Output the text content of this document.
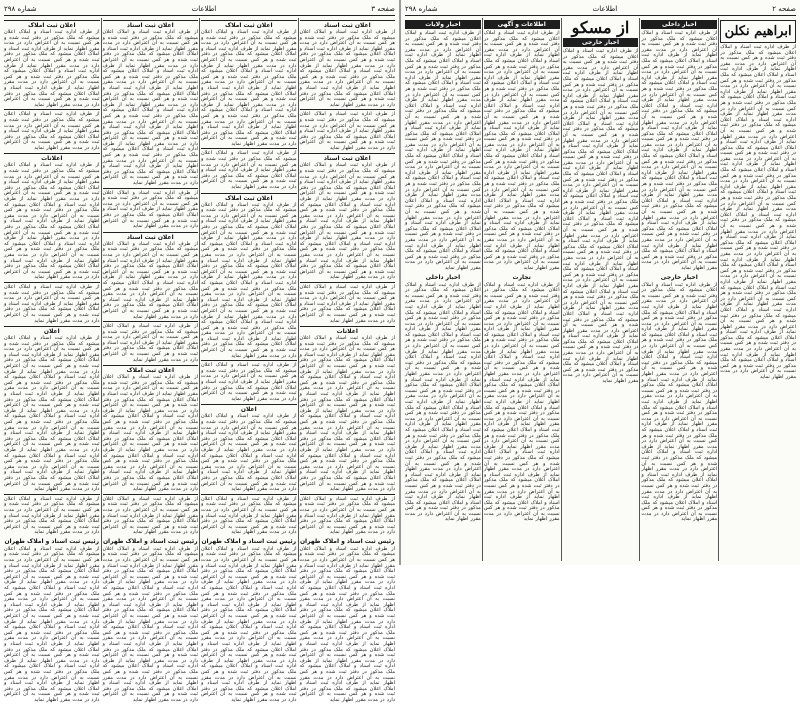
صفحه ۳
اطلاعات
شماره ۲۹۸
اعلان ثبت اسناد
از طرف اداره ثبت اسناد و املاک اعلان میشود که ملک مذکور در دفتر ثبت شده و هر کس نسبت به آن اعتراض دارد در مدت مقرر اظهار نماید از طرف اداره ثبت اسناد و املاک اعلان میشود که ملک مذکور در دفتر ثبت شده و هر کس نسبت به آن اعتراض دارد در مدت مقرر اظهار نماید از طرف اداره ثبت اسناد و املاک اعلان میشود که ملک مذکور در دفتر ثبت شده و هر کس نسبت به آن اعتراض دارد در مدت مقرر اظهار نماید از طرف اداره ثبت اسناد و املاک اعلان میشود که ملک مذکور در دفتر ثبت شده و هر کس نسبت به آن اعتراض دارد در مدت مقرر اظهار نماید
از طرف اداره ثبت اسناد و املاک اعلان میشود که ملک مذکور در دفتر ثبت شده و هر کس نسبت به آن اعتراض دارد در مدت مقرر اظهار نماید از طرف اداره ثبت اسناد و املاک اعلان میشود که ملک مذکور در دفتر ثبت شده و هر کس نسبت به آن اعتراض دارد در مدت مقرر اظهار نماید
اعلان ثبت اسناد
از طرف اداره ثبت اسناد و املاک اعلان میشود که ملک مذکور در دفتر ثبت شده و هر کس نسبت به آن اعتراض دارد در مدت مقرر اظهار نماید از طرف اداره ثبت اسناد و املاک اعلان میشود که ملک مذکور در دفتر ثبت شده و هر کس نسبت به آن اعتراض دارد در مدت مقرر اظهار نماید از طرف اداره ثبت اسناد و املاک اعلان میشود که ملک مذکور در دفتر ثبت شده و هر کس نسبت به آن اعتراض دارد در مدت مقرر اظهار نماید از طرف اداره ثبت اسناد و املاک اعلان میشود که ملک مذکور در دفتر ثبت شده و هر کس نسبت به آن اعتراض دارد در مدت مقرر اظهار نماید از طرف اداره ثبت اسناد و املاک اعلان میشود که ملک مذکور در دفتر ثبت شده و هر کس نسبت به آن اعتراض دارد در مدت مقرر اظهار نماید از طرف اداره ثبت اسناد و املاک اعلان میشود که ملک مذکور در دفتر ثبت شده و هر کس نسبت به آن اعتراض دارد در مدت مقرر اظهار نماید
از طرف اداره ثبت اسناد و املاک اعلان میشود که ملک مذکور در دفتر ثبت شده و هر کس نسبت به آن اعتراض دارد در مدت مقرر اظهار نماید از طرف اداره ثبت اسناد و املاک اعلان میشود که ملک مذکور در دفتر ثبت شده و هر کس نسبت به آن اعتراض دارد در مدت مقرر اظهار نماید
اعلانات
از طرف اداره ثبت اسناد و املاک اعلان میشود که ملک مذکور در دفتر ثبت شده و هر کس نسبت به آن اعتراض دارد در مدت مقرر اظهار نماید از طرف اداره ثبت اسناد و املاک اعلان میشود که ملک مذکور در دفتر ثبت شده و هر کس نسبت به آن اعتراض دارد در مدت مقرر اظهار نماید از طرف اداره ثبت اسناد و املاک اعلان میشود که ملک مذکور در دفتر ثبت شده و هر کس نسبت به آن اعتراض دارد در مدت مقرر اظهار نماید از طرف اداره ثبت اسناد و املاک اعلان میشود که ملک مذکور در دفتر ثبت شده و هر کس نسبت به آن اعتراض دارد در مدت مقرر اظهار نماید از طرف اداره ثبت اسناد و املاک اعلان میشود که ملک مذکور در دفتر ثبت شده و هر کس نسبت به آن اعتراض دارد در مدت مقرر اظهار نماید از طرف اداره ثبت اسناد و املاک اعلان میشود که ملک مذکور در دفتر ثبت شده و هر کس نسبت به آن اعتراض دارد در مدت مقرر اظهار نماید از طرف اداره ثبت اسناد و املاک اعلان میشود که ملک مذکور در دفتر ثبت شده و هر کس نسبت به آن اعتراض دارد در مدت مقرر اظهار نماید از طرف اداره ثبت اسناد و املاک اعلان میشود که ملک مذکور در دفتر ثبت شده و هر کس نسبت به آن اعتراض دارد در مدت مقرر اظهار نماید
از طرف اداره ثبت اسناد و املاک اعلان میشود که ملک مذکور در دفتر ثبت شده و هر کس نسبت به آن اعتراض دارد در مدت مقرر اظهار نماید از طرف اداره ثبت اسناد و املاک اعلان میشود که ملک مذکور در دفتر ثبت شده و هر کس نسبت به آن اعتراض دارد در مدت مقرر اظهار نماید
رئیس ثبت اسناد و املاک طهران
از طرف اداره ثبت اسناد و املاک اعلان میشود که ملک مذکور در دفتر ثبت شده و هر کس نسبت به آن اعتراض دارد در مدت مقرر اظهار نماید از طرف اداره ثبت اسناد و املاک اعلان میشود که ملک مذکور در دفتر ثبت شده و هر کس نسبت به آن اعتراض دارد در مدت مقرر اظهار نماید از طرف اداره ثبت اسناد و املاک اعلان میشود که ملک مذکور در دفتر ثبت شده و هر کس نسبت به آن اعتراض دارد در مدت مقرر اظهار نماید از طرف اداره ثبت اسناد و املاک اعلان میشود که ملک مذکور در دفتر ثبت شده و هر کس نسبت به آن اعتراض دارد در مدت مقرر اظهار نماید از طرف اداره ثبت اسناد و املاک اعلان میشود که ملک مذکور در دفتر ثبت شده و هر کس نسبت به آن اعتراض دارد در مدت مقرر اظهار نماید از طرف اداره ثبت اسناد و املاک اعلان میشود که ملک مذکور در دفتر ثبت شده و هر کس نسبت به آن اعتراض دارد در مدت مقرر اظهار نماید از طرف اداره ثبت اسناد و املاک اعلان میشود که ملک مذکور در دفتر ثبت شده و هر کس نسبت به آن اعتراض دارد در مدت مقرر اظهار نماید از طرف اداره ثبت اسناد و املاک اعلان میشود که ملک مذکور در دفتر ثبت شده و هر کس نسبت به آن اعتراض دارد در مدت مقرر اظهار نماید
اعلان ثبت املاک
از طرف اداره ثبت اسناد و املاک اعلان میشود که ملک مذکور در دفتر ثبت شده و هر کس نسبت به آن اعتراض دارد در مدت مقرر اظهار نماید از طرف اداره ثبت اسناد و املاک اعلان میشود که ملک مذکور در دفتر ثبت شده و هر کس نسبت به آن اعتراض دارد در مدت مقرر اظهار نماید از طرف اداره ثبت اسناد و املاک اعلان میشود که ملک مذکور در دفتر ثبت شده و هر کس نسبت به آن اعتراض دارد در مدت مقرر اظهار نماید از طرف اداره ثبت اسناد و املاک اعلان میشود که ملک مذکور در دفتر ثبت شده و هر کس نسبت به آن اعتراض دارد در مدت مقرر اظهار نماید از طرف اداره ثبت اسناد و املاک اعلان میشود که ملک مذکور در دفتر ثبت شده و هر کس نسبت به آن اعتراض دارد در مدت مقرر اظهار نماید از طرف اداره ثبت اسناد و املاک اعلان میشود که ملک مذکور در دفتر ثبت شده و هر کس نسبت به آن اعتراض دارد در مدت مقرر اظهار نماید
از طرف اداره ثبت اسناد و املاک اعلان میشود که ملک مذکور در دفتر ثبت شده و هر کس نسبت به آن اعتراض دارد در مدت مقرر اظهار نماید از طرف اداره ثبت اسناد و املاک اعلان میشود که ملک مذکور در دفتر ثبت شده و هر کس نسبت به آن اعتراض دارد در مدت مقرر اظهار نماید
اعلان ثبت املاک
از طرف اداره ثبت اسناد و املاک اعلان میشود که ملک مذکور در دفتر ثبت شده و هر کس نسبت به آن اعتراض دارد در مدت مقرر اظهار نماید از طرف اداره ثبت اسناد و املاک اعلان میشود که ملک مذکور در دفتر ثبت شده و هر کس نسبت به آن اعتراض دارد در مدت مقرر اظهار نماید از طرف اداره ثبت اسناد و املاک اعلان میشود که ملک مذکور در دفتر ثبت شده و هر کس نسبت به آن اعتراض دارد در مدت مقرر اظهار نماید از طرف اداره ثبت اسناد و املاک اعلان میشود که ملک مذکور در دفتر ثبت شده و هر کس نسبت به آن اعتراض دارد در مدت مقرر اظهار نماید از طرف اداره ثبت اسناد و املاک اعلان میشود که ملک مذکور در دفتر ثبت شده و هر کس نسبت به آن اعتراض دارد در مدت مقرر اظهار نماید از طرف اداره ثبت اسناد و املاک اعلان میشود که ملک مذکور در دفتر ثبت شده و هر کس نسبت به آن اعتراض دارد در مدت مقرر اظهار نماید از طرف اداره ثبت اسناد و املاک اعلان میشود که ملک مذکور در دفتر ثبت شده و هر کس نسبت به آن اعتراض دارد در مدت مقرر اظهار نماید از طرف اداره ثبت اسناد و املاک اعلان میشود که ملک مذکور در دفتر ثبت شده و هر کس نسبت به آن اعتراض دارد در مدت مقرر اظهار نماید
از طرف اداره ثبت اسناد و املاک اعلان میشود که ملک مذکور در دفتر ثبت شده و هر کس نسبت به آن اعتراض دارد در مدت مقرر اظهار نماید از طرف اداره ثبت اسناد و املاک اعلان میشود که ملک مذکور در دفتر ثبت شده و هر کس نسبت به آن اعتراض دارد در مدت مقرر اظهار نماید
اعلان
از طرف اداره ثبت اسناد و املاک اعلان میشود که ملک مذکور در دفتر ثبت شده و هر کس نسبت به آن اعتراض دارد در مدت مقرر اظهار نماید از طرف اداره ثبت اسناد و املاک اعلان میشود که ملک مذکور در دفتر ثبت شده و هر کس نسبت به آن اعتراض دارد در مدت مقرر اظهار نماید از طرف اداره ثبت اسناد و املاک اعلان میشود که ملک مذکور در دفتر ثبت شده و هر کس نسبت به آن اعتراض دارد در مدت مقرر اظهار نماید از طرف اداره ثبت اسناد و املاک اعلان میشود که ملک مذکور در دفتر ثبت شده و هر کس نسبت به آن اعتراض دارد در مدت مقرر اظهار نماید
از طرف اداره ثبت اسناد و املاک اعلان میشود که ملک مذکور در دفتر ثبت شده و هر کس نسبت به آن اعتراض دارد در مدت مقرر اظهار نماید از طرف اداره ثبت اسناد و املاک اعلان میشود که ملک مذکور در دفتر ثبت شده و هر کس نسبت به آن اعتراض دارد در مدت مقرر اظهار نماید
رئیس ثبت اسناد و املاک طهران
از طرف اداره ثبت اسناد و املاک اعلان میشود که ملک مذکور در دفتر ثبت شده و هر کس نسبت به آن اعتراض دارد در مدت مقرر اظهار نماید از طرف اداره ثبت اسناد و املاک اعلان میشود که ملک مذکور در دفتر ثبت شده و هر کس نسبت به آن اعتراض دارد در مدت مقرر اظهار نماید از طرف اداره ثبت اسناد و املاک اعلان میشود که ملک مذکور در دفتر ثبت شده و هر کس نسبت به آن اعتراض دارد در مدت مقرر اظهار نماید از طرف اداره ثبت اسناد و املاک اعلان میشود که ملک مذکور در دفتر ثبت شده و هر کس نسبت به آن اعتراض دارد در مدت مقرر اظهار نماید از طرف اداره ثبت اسناد و املاک اعلان میشود که ملک مذکور در دفتر ثبت شده و هر کس نسبت به آن اعتراض دارد در مدت مقرر اظهار نماید از طرف اداره ثبت اسناد و املاک اعلان میشود که ملک مذکور در دفتر ثبت شده و هر کس نسبت به آن اعتراض دارد در مدت مقرر اظهار نماید از طرف اداره ثبت اسناد و املاک اعلان میشود که ملک مذکور در دفتر ثبت شده و هر کس نسبت به آن اعتراض دارد در مدت مقرر اظهار نماید از طرف اداره ثبت اسناد و املاک اعلان میشود که ملک مذکور در دفتر ثبت شده و هر کس نسبت به آن اعتراض دارد در مدت مقرر اظهار نماید
اعلان ثبت اسناد
از طرف اداره ثبت اسناد و املاک اعلان میشود که ملک مذکور در دفتر ثبت شده و هر کس نسبت به آن اعتراض دارد در مدت مقرر اظهار نماید از طرف اداره ثبت اسناد و املاک اعلان میشود که ملک مذکور در دفتر ثبت شده و هر کس نسبت به آن اعتراض دارد در مدت مقرر اظهار نماید از طرف اداره ثبت اسناد و املاک اعلان میشود که ملک مذکور در دفتر ثبت شده و هر کس نسبت به آن اعتراض دارد در مدت مقرر اظهار نماید از طرف اداره ثبت اسناد و املاک اعلان میشود که ملک مذکور در دفتر ثبت شده و هر کس نسبت به آن اعتراض دارد در مدت مقرر اظهار نماید از طرف اداره ثبت اسناد و املاک اعلان میشود که ملک مذکور در دفتر ثبت شده و هر کس نسبت به آن اعتراض دارد در مدت مقرر اظهار نماید از طرف اداره ثبت اسناد و املاک اعلان میشود که ملک مذکور در دفتر ثبت شده و هر کس نسبت به آن اعتراض دارد در مدت مقرر اظهار نماید از طرف اداره ثبت اسناد و املاک اعلان میشود که ملک مذکور در دفتر ثبت شده و هر کس نسبت به آن اعتراض دارد در مدت مقرر اظهار نماید از طرف اداره ثبت اسناد و املاک اعلان میشود که ملک مذکور در دفتر ثبت شده و هر کس نسبت به آن اعتراض دارد در مدت مقرر اظهار نماید
از طرف اداره ثبت اسناد و املاک اعلان میشود که ملک مذکور در دفتر ثبت شده و هر کس نسبت به آن اعتراض دارد در مدت مقرر اظهار نماید از طرف اداره ثبت اسناد و املاک اعلان میشود که ملک مذکور در دفتر ثبت شده و هر کس نسبت به آن اعتراض دارد در مدت مقرر اظهار نماید
اعلان ثبت اسناد
از طرف اداره ثبت اسناد و املاک اعلان میشود که ملک مذکور در دفتر ثبت شده و هر کس نسبت به آن اعتراض دارد در مدت مقرر اظهار نماید از طرف اداره ثبت اسناد و املاک اعلان میشود که ملک مذکور در دفتر ثبت شده و هر کس نسبت به آن اعتراض دارد در مدت مقرر اظهار نماید از طرف اداره ثبت اسناد و املاک اعلان میشود که ملک مذکور در دفتر ثبت شده و هر کس نسبت به آن اعتراض دارد در مدت مقرر اظهار نماید از طرف اداره ثبت اسناد و املاک اعلان میشود که ملک مذکور در دفتر ثبت شده و هر کس نسبت به آن اعتراض دارد در مدت مقرر اظهار نماید
از طرف اداره ثبت اسناد و املاک اعلان میشود که ملک مذکور در دفتر ثبت شده و هر کس نسبت به آن اعتراض دارد در مدت مقرر اظهار نماید از طرف اداره ثبت اسناد و املاک اعلان میشود که ملک مذکور در دفتر ثبت شده و هر کس نسبت به آن اعتراض دارد در مدت مقرر اظهار نماید
اعلان ثبت املاک
از طرف اداره ثبت اسناد و املاک اعلان میشود که ملک مذکور در دفتر ثبت شده و هر کس نسبت به آن اعتراض دارد در مدت مقرر اظهار نماید از طرف اداره ثبت اسناد و املاک اعلان میشود که ملک مذکور در دفتر ثبت شده و هر کس نسبت به آن اعتراض دارد در مدت مقرر اظهار نماید از طرف اداره ثبت اسناد و املاک اعلان میشود که ملک مذکور در دفتر ثبت شده و هر کس نسبت به آن اعتراض دارد در مدت مقرر اظهار نماید از طرف اداره ثبت اسناد و املاک اعلان میشود که ملک مذکور در دفتر ثبت شده و هر کس نسبت به آن اعتراض دارد در مدت مقرر اظهار نماید از طرف اداره ثبت اسناد و املاک اعلان میشود که ملک مذکور در دفتر ثبت شده و هر کس نسبت به آن اعتراض دارد در مدت مقرر اظهار نماید از طرف اداره ثبت اسناد و املاک اعلان میشود که ملک مذکور در دفتر ثبت شده و هر کس نسبت به آن اعتراض دارد در مدت مقرر اظهار نماید
از طرف اداره ثبت اسناد و املاک اعلان میشود که ملک مذکور در دفتر ثبت شده و هر کس نسبت به آن اعتراض دارد در مدت مقرر اظهار نماید از طرف اداره ثبت اسناد و املاک اعلان میشود که ملک مذکور در دفتر ثبت شده و هر کس نسبت به آن اعتراض دارد در مدت مقرر اظهار نماید
رئیس ثبت اسناد و املاک طهران
از طرف اداره ثبت اسناد و املاک اعلان میشود که ملک مذکور در دفتر ثبت شده و هر کس نسبت به آن اعتراض دارد در مدت مقرر اظهار نماید از طرف اداره ثبت اسناد و املاک اعلان میشود که ملک مذکور در دفتر ثبت شده و هر کس نسبت به آن اعتراض دارد در مدت مقرر اظهار نماید از طرف اداره ثبت اسناد و املاک اعلان میشود که ملک مذکور در دفتر ثبت شده و هر کس نسبت به آن اعتراض دارد در مدت مقرر اظهار نماید از طرف اداره ثبت اسناد و املاک اعلان میشود که ملک مذکور در دفتر ثبت شده و هر کس نسبت به آن اعتراض دارد در مدت مقرر اظهار نماید از طرف اداره ثبت اسناد و املاک اعلان میشود که ملک مذکور در دفتر ثبت شده و هر کس نسبت به آن اعتراض دارد در مدت مقرر اظهار نماید از طرف اداره ثبت اسناد و املاک اعلان میشود که ملک مذکور در دفتر ثبت شده و هر کس نسبت به آن اعتراض دارد در مدت مقرر اظهار نماید از طرف اداره ثبت اسناد و املاک اعلان میشود که ملک مذکور در دفتر ثبت شده و هر کس نسبت به آن اعتراض دارد در مدت مقرر اظهار نماید از طرف اداره ثبت اسناد و املاک اعلان میشود که ملک مذکور در دفتر ثبت شده و هر کس نسبت به آن اعتراض دارد در مدت مقرر اظهار نماید
اعلان ثبت املاک
از طرف اداره ثبت اسناد و املاک اعلان میشود که ملک مذکور در دفتر ثبت شده و هر کس نسبت به آن اعتراض دارد در مدت مقرر اظهار نماید از طرف اداره ثبت اسناد و املاک اعلان میشود که ملک مذکور در دفتر ثبت شده و هر کس نسبت به آن اعتراض دارد در مدت مقرر اظهار نماید از طرف اداره ثبت اسناد و املاک اعلان میشود که ملک مذکور در دفتر ثبت شده و هر کس نسبت به آن اعتراض دارد در مدت مقرر اظهار نماید از طرف اداره ثبت اسناد و املاک اعلان میشود که ملک مذکور در دفتر ثبت شده و هر کس نسبت به آن اعتراض دارد در مدت مقرر اظهار نماید
از طرف اداره ثبت اسناد و املاک اعلان میشود که ملک مذکور در دفتر ثبت شده و هر کس نسبت به آن اعتراض دارد در مدت مقرر اظهار نماید از طرف اداره ثبت اسناد و املاک اعلان میشود که ملک مذکور در دفتر ثبت شده و هر کس نسبت به آن اعتراض دارد در مدت مقرر اظهار نماید
اعلانات
از طرف اداره ثبت اسناد و املاک اعلان میشود که ملک مذکور در دفتر ثبت شده و هر کس نسبت به آن اعتراض دارد در مدت مقرر اظهار نماید از طرف اداره ثبت اسناد و املاک اعلان میشود که ملک مذکور در دفتر ثبت شده و هر کس نسبت به آن اعتراض دارد در مدت مقرر اظهار نماید از طرف اداره ثبت اسناد و املاک اعلان میشود که ملک مذکور در دفتر ثبت شده و هر کس نسبت به آن اعتراض دارد در مدت مقرر اظهار نماید از طرف اداره ثبت اسناد و املاک اعلان میشود که ملک مذکور در دفتر ثبت شده و هر کس نسبت به آن اعتراض دارد در مدت مقرر اظهار نماید از طرف اداره ثبت اسناد و املاک اعلان میشود که ملک مذکور در دفتر ثبت شده و هر کس نسبت به آن اعتراض دارد در مدت مقرر اظهار نماید از طرف اداره ثبت اسناد و املاک اعلان میشود که ملک مذکور در دفتر ثبت شده و هر کس نسبت به آن اعتراض دارد در مدت مقرر اظهار نماید
از طرف اداره ثبت اسناد و املاک اعلان میشود که ملک مذکور در دفتر ثبت شده و هر کس نسبت به آن اعتراض دارد در مدت مقرر اظهار نماید از طرف اداره ثبت اسناد و املاک اعلان میشود که ملک مذکور در دفتر ثبت شده و هر کس نسبت به آن اعتراض دارد در مدت مقرر اظهار نماید
اعلان
از طرف اداره ثبت اسناد و املاک اعلان میشود که ملک مذکور در دفتر ثبت شده و هر کس نسبت به آن اعتراض دارد در مدت مقرر اظهار نماید از طرف اداره ثبت اسناد و املاک اعلان میشود که ملک مذکور در دفتر ثبت شده و هر کس نسبت به آن اعتراض دارد در مدت مقرر اظهار نماید از طرف اداره ثبت اسناد و املاک اعلان میشود که ملک مذکور در دفتر ثبت شده و هر کس نسبت به آن اعتراض دارد در مدت مقرر اظهار نماید از طرف اداره ثبت اسناد و املاک اعلان میشود که ملک مذکور در دفتر ثبت شده و هر کس نسبت به آن اعتراض دارد در مدت مقرر اظهار نماید از طرف اداره ثبت اسناد و املاک اعلان میشود که ملک مذکور در دفتر ثبت شده و هر کس نسبت به آن اعتراض دارد در مدت مقرر اظهار نماید از طرف اداره ثبت اسناد و املاک اعلان میشود که ملک مذکور در دفتر ثبت شده و هر کس نسبت به آن اعتراض دارد در مدت مقرر اظهار نماید از طرف اداره ثبت اسناد و املاک اعلان میشود که ملک مذکور در دفتر ثبت شده و هر کس نسبت به آن اعتراض دارد در مدت مقرر اظهار نماید از طرف اداره ثبت اسناد و املاک اعلان میشود که ملک مذکور در دفتر ثبت شده و هر کس نسبت به آن اعتراض دارد در مدت مقرر اظهار نماید
از طرف اداره ثبت اسناد و املاک اعلان میشود که ملک مذکور در دفتر ثبت شده و هر کس نسبت به آن اعتراض دارد در مدت مقرر اظهار نماید از طرف اداره ثبت اسناد و املاک اعلان میشود که ملک مذکور در دفتر ثبت شده و هر کس نسبت به آن اعتراض دارد در مدت مقرر اظهار نماید
رئیس ثبت اسناد و املاک طهران
از طرف اداره ثبت اسناد و املاک اعلان میشود که ملک مذکور در دفتر ثبت شده و هر کس نسبت به آن اعتراض دارد در مدت مقرر اظهار نماید از طرف اداره ثبت اسناد و املاک اعلان میشود که ملک مذکور در دفتر ثبت شده و هر کس نسبت به آن اعتراض دارد در مدت مقرر اظهار نماید از طرف اداره ثبت اسناد و املاک اعلان میشود که ملک مذکور در دفتر ثبت شده و هر کس نسبت به آن اعتراض دارد در مدت مقرر اظهار نماید از طرف اداره ثبت اسناد و املاک اعلان میشود که ملک مذکور در دفتر ثبت شده و هر کس نسبت به آن اعتراض دارد در مدت مقرر اظهار نماید از طرف اداره ثبت اسناد و املاک اعلان میشود که ملک مذکور در دفتر ثبت شده و هر کس نسبت به آن اعتراض دارد در مدت مقرر اظهار نماید از طرف اداره ثبت اسناد و املاک اعلان میشود که ملک مذکور در دفتر ثبت شده و هر کس نسبت به آن اعتراض دارد در مدت مقرر اظهار نماید از طرف اداره ثبت اسناد و املاک اعلان میشود که ملک مذکور در دفتر ثبت شده و هر کس نسبت به آن اعتراض دارد در مدت مقرر اظهار نماید از طرف اداره ثبت اسناد و املاک اعلان میشود که ملک مذکور در دفتر ثبت شده و هر کس نسبت به آن اعتراض دارد در مدت مقرر اظهار نماید
صفحه ۲
اطلاعات
شماره ۲۹۸
ابراهیم نکلن
از طرف اداره ثبت اسناد و املاک اعلان میشود که ملک مذکور در دفتر ثبت شده و هر کس نسبت به آن اعتراض دارد در مدت مقرر اظهار نماید از طرف اداره ثبت اسناد و املاک اعلان میشود که ملک مذکور در دفتر ثبت شده و هر کس نسبت به آن اعتراض دارد در مدت مقرر اظهار نماید از طرف اداره ثبت اسناد و املاک اعلان میشود که ملک مذکور در دفتر ثبت شده و هر کس نسبت به آن اعتراض دارد در مدت مقرر اظهار نماید از طرف اداره ثبت اسناد و املاک اعلان میشود که ملک مذکور در دفتر ثبت شده و هر کس نسبت به آن اعتراض دارد در مدت مقرر اظهار نماید از طرف اداره ثبت اسناد و املاک اعلان میشود که ملک مذکور در دفتر ثبت شده و هر کس نسبت به آن اعتراض دارد در مدت مقرر اظهار نماید از طرف اداره ثبت اسناد و املاک اعلان میشود که ملک مذکور در دفتر ثبت شده و هر کس نسبت به آن اعتراض دارد در مدت مقرر اظهار نماید از طرف اداره ثبت اسناد و املاک اعلان میشود که ملک مذکور در دفتر ثبت شده و هر کس نسبت به آن اعتراض دارد در مدت مقرر اظهار نماید از طرف اداره ثبت اسناد و املاک اعلان میشود که ملک مذکور در دفتر ثبت شده و هر کس نسبت به آن اعتراض دارد در مدت مقرر اظهار نماید از طرف اداره ثبت اسناد و املاک اعلان میشود که ملک مذکور در دفتر ثبت شده و هر کس نسبت به آن اعتراض دارد در مدت مقرر اظهار نماید از طرف اداره ثبت اسناد و املاک اعلان میشود که ملک مذکور در دفتر ثبت شده و هر کس نسبت به آن اعتراض دارد در مدت مقرر اظهار نماید از طرف اداره ثبت اسناد و املاک اعلان میشود که ملک مذکور در دفتر ثبت شده و هر کس نسبت به آن اعتراض دارد در مدت مقرر اظهار نماید از طرف اداره ثبت اسناد و املاک اعلان میشود که ملک مذکور در دفتر ثبت شده و هر کس نسبت به آن اعتراض دارد در مدت مقرر اظهار نماید از طرف اداره ثبت اسناد و املاک اعلان میشود که ملک مذکور در دفتر ثبت شده و هر کس نسبت به آن اعتراض دارد در مدت مقرر اظهار نماید از طرف اداره ثبت اسناد و املاک اعلان میشود که ملک مذکور در دفتر ثبت شده و هر کس نسبت به آن اعتراض دارد در مدت مقرر اظهار نماید
اخبار داخلی
از طرف اداره ثبت اسناد و املاک اعلان میشود که ملک مذکور در دفتر ثبت شده و هر کس نسبت به آن اعتراض دارد در مدت مقرر اظهار نماید از طرف اداره ثبت اسناد و املاک اعلان میشود که ملک مذکور در دفتر ثبت شده و هر کس نسبت به آن اعتراض دارد در مدت مقرر اظهار نماید از طرف اداره ثبت اسناد و املاک اعلان میشود که ملک مذکور در دفتر ثبت شده و هر کس نسبت به آن اعتراض دارد در مدت مقرر اظهار نماید از طرف اداره ثبت اسناد و املاک اعلان میشود که ملک مذکور در دفتر ثبت شده و هر کس نسبت به آن اعتراض دارد در مدت مقرر اظهار نماید از طرف اداره ثبت اسناد و املاک اعلان میشود که ملک مذکور در دفتر ثبت شده و هر کس نسبت به آن اعتراض دارد در مدت مقرر اظهار نماید از طرف اداره ثبت اسناد و املاک اعلان میشود که ملک مذکور در دفتر ثبت شده و هر کس نسبت به آن اعتراض دارد در مدت مقرر اظهار نماید از طرف اداره ثبت اسناد و املاک اعلان میشود که ملک مذکور در دفتر ثبت شده و هر کس نسبت به آن اعتراض دارد در مدت مقرر اظهار نماید از طرف اداره ثبت اسناد و املاک اعلان میشود که ملک مذکور در دفتر ثبت شده و هر کس نسبت به آن اعتراض دارد در مدت مقرر اظهار نماید از طرف اداره ثبت اسناد و املاک اعلان میشود که ملک مذکور در دفتر ثبت شده و هر کس نسبت به آن اعتراض دارد در مدت مقرر اظهار نماید از طرف اداره ثبت اسناد و املاک اعلان میشود که ملک مذکور در دفتر ثبت شده و هر کس نسبت به آن اعتراض دارد در مدت مقرر اظهار نماید
اخبار خارجی
از طرف اداره ثبت اسناد و املاک اعلان میشود که ملک مذکور در دفتر ثبت شده و هر کس نسبت به آن اعتراض دارد در مدت مقرر اظهار نماید از طرف اداره ثبت اسناد و املاک اعلان میشود که ملک مذکور در دفتر ثبت شده و هر کس نسبت به آن اعتراض دارد در مدت مقرر اظهار نماید از طرف اداره ثبت اسناد و املاک اعلان میشود که ملک مذکور در دفتر ثبت شده و هر کس نسبت به آن اعتراض دارد در مدت مقرر اظهار نماید از طرف اداره ثبت اسناد و املاک اعلان میشود که ملک مذکور در دفتر ثبت شده و هر کس نسبت به آن اعتراض دارد در مدت مقرر اظهار نماید از طرف اداره ثبت اسناد و املاک اعلان میشود که ملک مذکور در دفتر ثبت شده و هر کس نسبت به آن اعتراض دارد در مدت مقرر اظهار نماید از طرف اداره ثبت اسناد و املاک اعلان میشود که ملک مذکور در دفتر ثبت شده و هر کس نسبت به آن اعتراض دارد در مدت مقرر اظهار نماید از طرف اداره ثبت اسناد و املاک اعلان میشود که ملک مذکور در دفتر ثبت شده و هر کس نسبت به آن اعتراض دارد در مدت مقرر اظهار نماید از طرف اداره ثبت اسناد و املاک اعلان میشود که ملک مذکور در دفتر ثبت شده و هر کس نسبت به آن اعتراض دارد در مدت مقرر اظهار نماید از طرف اداره ثبت اسناد و املاک اعلان میشود که ملک مذکور در دفتر ثبت شده و هر کس نسبت به آن اعتراض دارد در مدت مقرر اظهار نماید از طرف اداره ثبت اسناد و املاک اعلان میشود که ملک مذکور در دفتر ثبت شده و هر کس نسبت به آن اعتراض دارد در مدت مقرر اظهار نماید
از مسکو
اخبار خارجی
از طرف اداره ثبت اسناد و املاک اعلان میشود که ملک مذکور در دفتر ثبت شده و هر کس نسبت به آن اعتراض دارد در مدت مقرر اظهار نماید از طرف اداره ثبت اسناد و املاک اعلان میشود که ملک مذکور در دفتر ثبت شده و هر کس نسبت به آن اعتراض دارد در مدت مقرر اظهار نماید از طرف اداره ثبت اسناد و املاک اعلان میشود که ملک مذکور در دفتر ثبت شده و هر کس نسبت به آن اعتراض دارد در مدت مقرر اظهار نماید از طرف اداره ثبت اسناد و املاک اعلان میشود که ملک مذکور در دفتر ثبت شده و هر کس نسبت به آن اعتراض دارد در مدت مقرر اظهار نماید از طرف اداره ثبت اسناد و املاک اعلان میشود که ملک مذکور در دفتر ثبت شده و هر کس نسبت به آن اعتراض دارد در مدت مقرر اظهار نماید از طرف اداره ثبت اسناد و املاک اعلان میشود که ملک مذکور در دفتر ثبت شده و هر کس نسبت به آن اعتراض دارد در مدت مقرر اظهار نماید از طرف اداره ثبت اسناد و املاک اعلان میشود که ملک مذکور در دفتر ثبت شده و هر کس نسبت به آن اعتراض دارد در مدت مقرر اظهار نماید از طرف اداره ثبت اسناد و املاک اعلان میشود که ملک مذکور در دفتر ثبت شده و هر کس نسبت به آن اعتراض دارد در مدت مقرر اظهار نماید از طرف اداره ثبت اسناد و املاک اعلان میشود که ملک مذکور در دفتر ثبت شده و هر کس نسبت به آن اعتراض دارد در مدت مقرر اظهار نماید از طرف اداره ثبت اسناد و املاک اعلان میشود که ملک مذکور در دفتر ثبت شده و هر کس نسبت به آن اعتراض دارد در مدت مقرر اظهار نماید از طرف اداره ثبت اسناد و املاک اعلان میشود که ملک مذکور در دفتر ثبت شده و هر کس نسبت به آن اعتراض دارد در مدت مقرر اظهار نماید از طرف اداره ثبت اسناد و املاک اعلان میشود که ملک مذکور در دفتر ثبت شده و هر کس نسبت به آن اعتراض دارد در مدت مقرر اظهار نماید از طرف اداره ثبت اسناد و املاک اعلان میشود که ملک مذکور در دفتر ثبت شده و هر کس نسبت به آن اعتراض دارد در مدت مقرر اظهار نماید از طرف اداره ثبت اسناد و املاک اعلان میشود که ملک مذکور در دفتر ثبت شده و هر کس نسبت به آن اعتراض دارد در مدت مقرر اظهار نماید
اطلاعات و آگهی
از طرف اداره ثبت اسناد و املاک اعلان میشود که ملک مذکور در دفتر ثبت شده و هر کس نسبت به آن اعتراض دارد در مدت مقرر اظهار نماید از طرف اداره ثبت اسناد و املاک اعلان میشود که ملک مذکور در دفتر ثبت شده و هر کس نسبت به آن اعتراض دارد در مدت مقرر اظهار نماید از طرف اداره ثبت اسناد و املاک اعلان میشود که ملک مذکور در دفتر ثبت شده و هر کس نسبت به آن اعتراض دارد در مدت مقرر اظهار نماید از طرف اداره ثبت اسناد و املاک اعلان میشود که ملک مذکور در دفتر ثبت شده و هر کس نسبت به آن اعتراض دارد در مدت مقرر اظهار نماید از طرف اداره ثبت اسناد و املاک اعلان میشود که ملک مذکور در دفتر ثبت شده و هر کس نسبت به آن اعتراض دارد در مدت مقرر اظهار نماید از طرف اداره ثبت اسناد و املاک اعلان میشود که ملک مذکور در دفتر ثبت شده و هر کس نسبت به آن اعتراض دارد در مدت مقرر اظهار نماید از طرف اداره ثبت اسناد و املاک اعلان میشود که ملک مذکور در دفتر ثبت شده و هر کس نسبت به آن اعتراض دارد در مدت مقرر اظهار نماید از طرف اداره ثبت اسناد و املاک اعلان میشود که ملک مذکور در دفتر ثبت شده و هر کس نسبت به آن اعتراض دارد در مدت مقرر اظهار نماید از طرف اداره ثبت اسناد و املاک اعلان میشود که ملک مذکور در دفتر ثبت شده و هر کس نسبت به آن اعتراض دارد در مدت مقرر اظهار نماید از طرف اداره ثبت اسناد و املاک اعلان میشود که ملک مذکور در دفتر ثبت شده و هر کس نسبت به آن اعتراض دارد در مدت مقرر اظهار نماید
تجارت
از طرف اداره ثبت اسناد و املاک اعلان میشود که ملک مذکور در دفتر ثبت شده و هر کس نسبت به آن اعتراض دارد در مدت مقرر اظهار نماید از طرف اداره ثبت اسناد و املاک اعلان میشود که ملک مذکور در دفتر ثبت شده و هر کس نسبت به آن اعتراض دارد در مدت مقرر اظهار نماید از طرف اداره ثبت اسناد و املاک اعلان میشود که ملک مذکور در دفتر ثبت شده و هر کس نسبت به آن اعتراض دارد در مدت مقرر اظهار نماید از طرف اداره ثبت اسناد و املاک اعلان میشود که ملک مذکور در دفتر ثبت شده و هر کس نسبت به آن اعتراض دارد در مدت مقرر اظهار نماید از طرف اداره ثبت اسناد و املاک اعلان میشود که ملک مذکور در دفتر ثبت شده و هر کس نسبت به آن اعتراض دارد در مدت مقرر اظهار نماید از طرف اداره ثبت اسناد و املاک اعلان میشود که ملک مذکور در دفتر ثبت شده و هر کس نسبت به آن اعتراض دارد در مدت مقرر اظهار نماید از طرف اداره ثبت اسناد و املاک اعلان میشود که ملک مذکور در دفتر ثبت شده و هر کس نسبت به آن اعتراض دارد در مدت مقرر اظهار نماید از طرف اداره ثبت اسناد و املاک اعلان میشود که ملک مذکور در دفتر ثبت شده و هر کس نسبت به آن اعتراض دارد در مدت مقرر اظهار نماید از طرف اداره ثبت اسناد و املاک اعلان میشود که ملک مذکور در دفتر ثبت شده و هر کس نسبت به آن اعتراض دارد در مدت مقرر اظهار نماید از طرف اداره ثبت اسناد و املاک اعلان میشود که ملک مذکور در دفتر ثبت شده و هر کس نسبت به آن اعتراض دارد در مدت مقرر اظهار نماید
اخبار ولایات
از طرف اداره ثبت اسناد و املاک اعلان میشود که ملک مذکور در دفتر ثبت شده و هر کس نسبت به آن اعتراض دارد در مدت مقرر اظهار نماید از طرف اداره ثبت اسناد و املاک اعلان میشود که ملک مذکور در دفتر ثبت شده و هر کس نسبت به آن اعتراض دارد در مدت مقرر اظهار نماید از طرف اداره ثبت اسناد و املاک اعلان میشود که ملک مذکور در دفتر ثبت شده و هر کس نسبت به آن اعتراض دارد در مدت مقرر اظهار نماید از طرف اداره ثبت اسناد و املاک اعلان میشود که ملک مذکور در دفتر ثبت شده و هر کس نسبت به آن اعتراض دارد در مدت مقرر اظهار نماید از طرف اداره ثبت اسناد و املاک اعلان میشود که ملک مذکور در دفتر ثبت شده و هر کس نسبت به آن اعتراض دارد در مدت مقرر اظهار نماید از طرف اداره ثبت اسناد و املاک اعلان میشود که ملک مذکور در دفتر ثبت شده و هر کس نسبت به آن اعتراض دارد در مدت مقرر اظهار نماید از طرف اداره ثبت اسناد و املاک اعلان میشود که ملک مذکور در دفتر ثبت شده و هر کس نسبت به آن اعتراض دارد در مدت مقرر اظهار نماید از طرف اداره ثبت اسناد و املاک اعلان میشود که ملک مذکور در دفتر ثبت شده و هر کس نسبت به آن اعتراض دارد در مدت مقرر اظهار نماید از طرف اداره ثبت اسناد و املاک اعلان میشود که ملک مذکور در دفتر ثبت شده و هر کس نسبت به آن اعتراض دارد در مدت مقرر اظهار نماید از طرف اداره ثبت اسناد و املاک اعلان میشود که ملک مذکور در دفتر ثبت شده و هر کس نسبت به آن اعتراض دارد در مدت مقرر اظهار نماید
اخبار داخلی
از طرف اداره ثبت اسناد و املاک اعلان میشود که ملک مذکور در دفتر ثبت شده و هر کس نسبت به آن اعتراض دارد در مدت مقرر اظهار نماید از طرف اداره ثبت اسناد و املاک اعلان میشود که ملک مذکور در دفتر ثبت شده و هر کس نسبت به آن اعتراض دارد در مدت مقرر اظهار نماید از طرف اداره ثبت اسناد و املاک اعلان میشود که ملک مذکور در دفتر ثبت شده و هر کس نسبت به آن اعتراض دارد در مدت مقرر اظهار نماید از طرف اداره ثبت اسناد و املاک اعلان میشود که ملک مذکور در دفتر ثبت شده و هر کس نسبت به آن اعتراض دارد در مدت مقرر اظهار نماید از طرف اداره ثبت اسناد و املاک اعلان میشود که ملک مذکور در دفتر ثبت شده و هر کس نسبت به آن اعتراض دارد در مدت مقرر اظهار نماید از طرف اداره ثبت اسناد و املاک اعلان میشود که ملک مذکور در دفتر ثبت شده و هر کس نسبت به آن اعتراض دارد در مدت مقرر اظهار نماید از طرف اداره ثبت اسناد و املاک اعلان میشود که ملک مذکور در دفتر ثبت شده و هر کس نسبت به آن اعتراض دارد در مدت مقرر اظهار نماید از طرف اداره ثبت اسناد و املاک اعلان میشود که ملک مذکور در دفتر ثبت شده و هر کس نسبت به آن اعتراض دارد در مدت مقرر اظهار نماید از طرف اداره ثبت اسناد و املاک اعلان میشود که ملک مذکور در دفتر ثبت شده و هر کس نسبت به آن اعتراض دارد در مدت مقرر اظهار نماید از طرف اداره ثبت اسناد و املاک اعلان میشود که ملک مذکور در دفتر ثبت شده و هر کس نسبت به آن اعتراض دارد در مدت مقرر اظهار نماید
